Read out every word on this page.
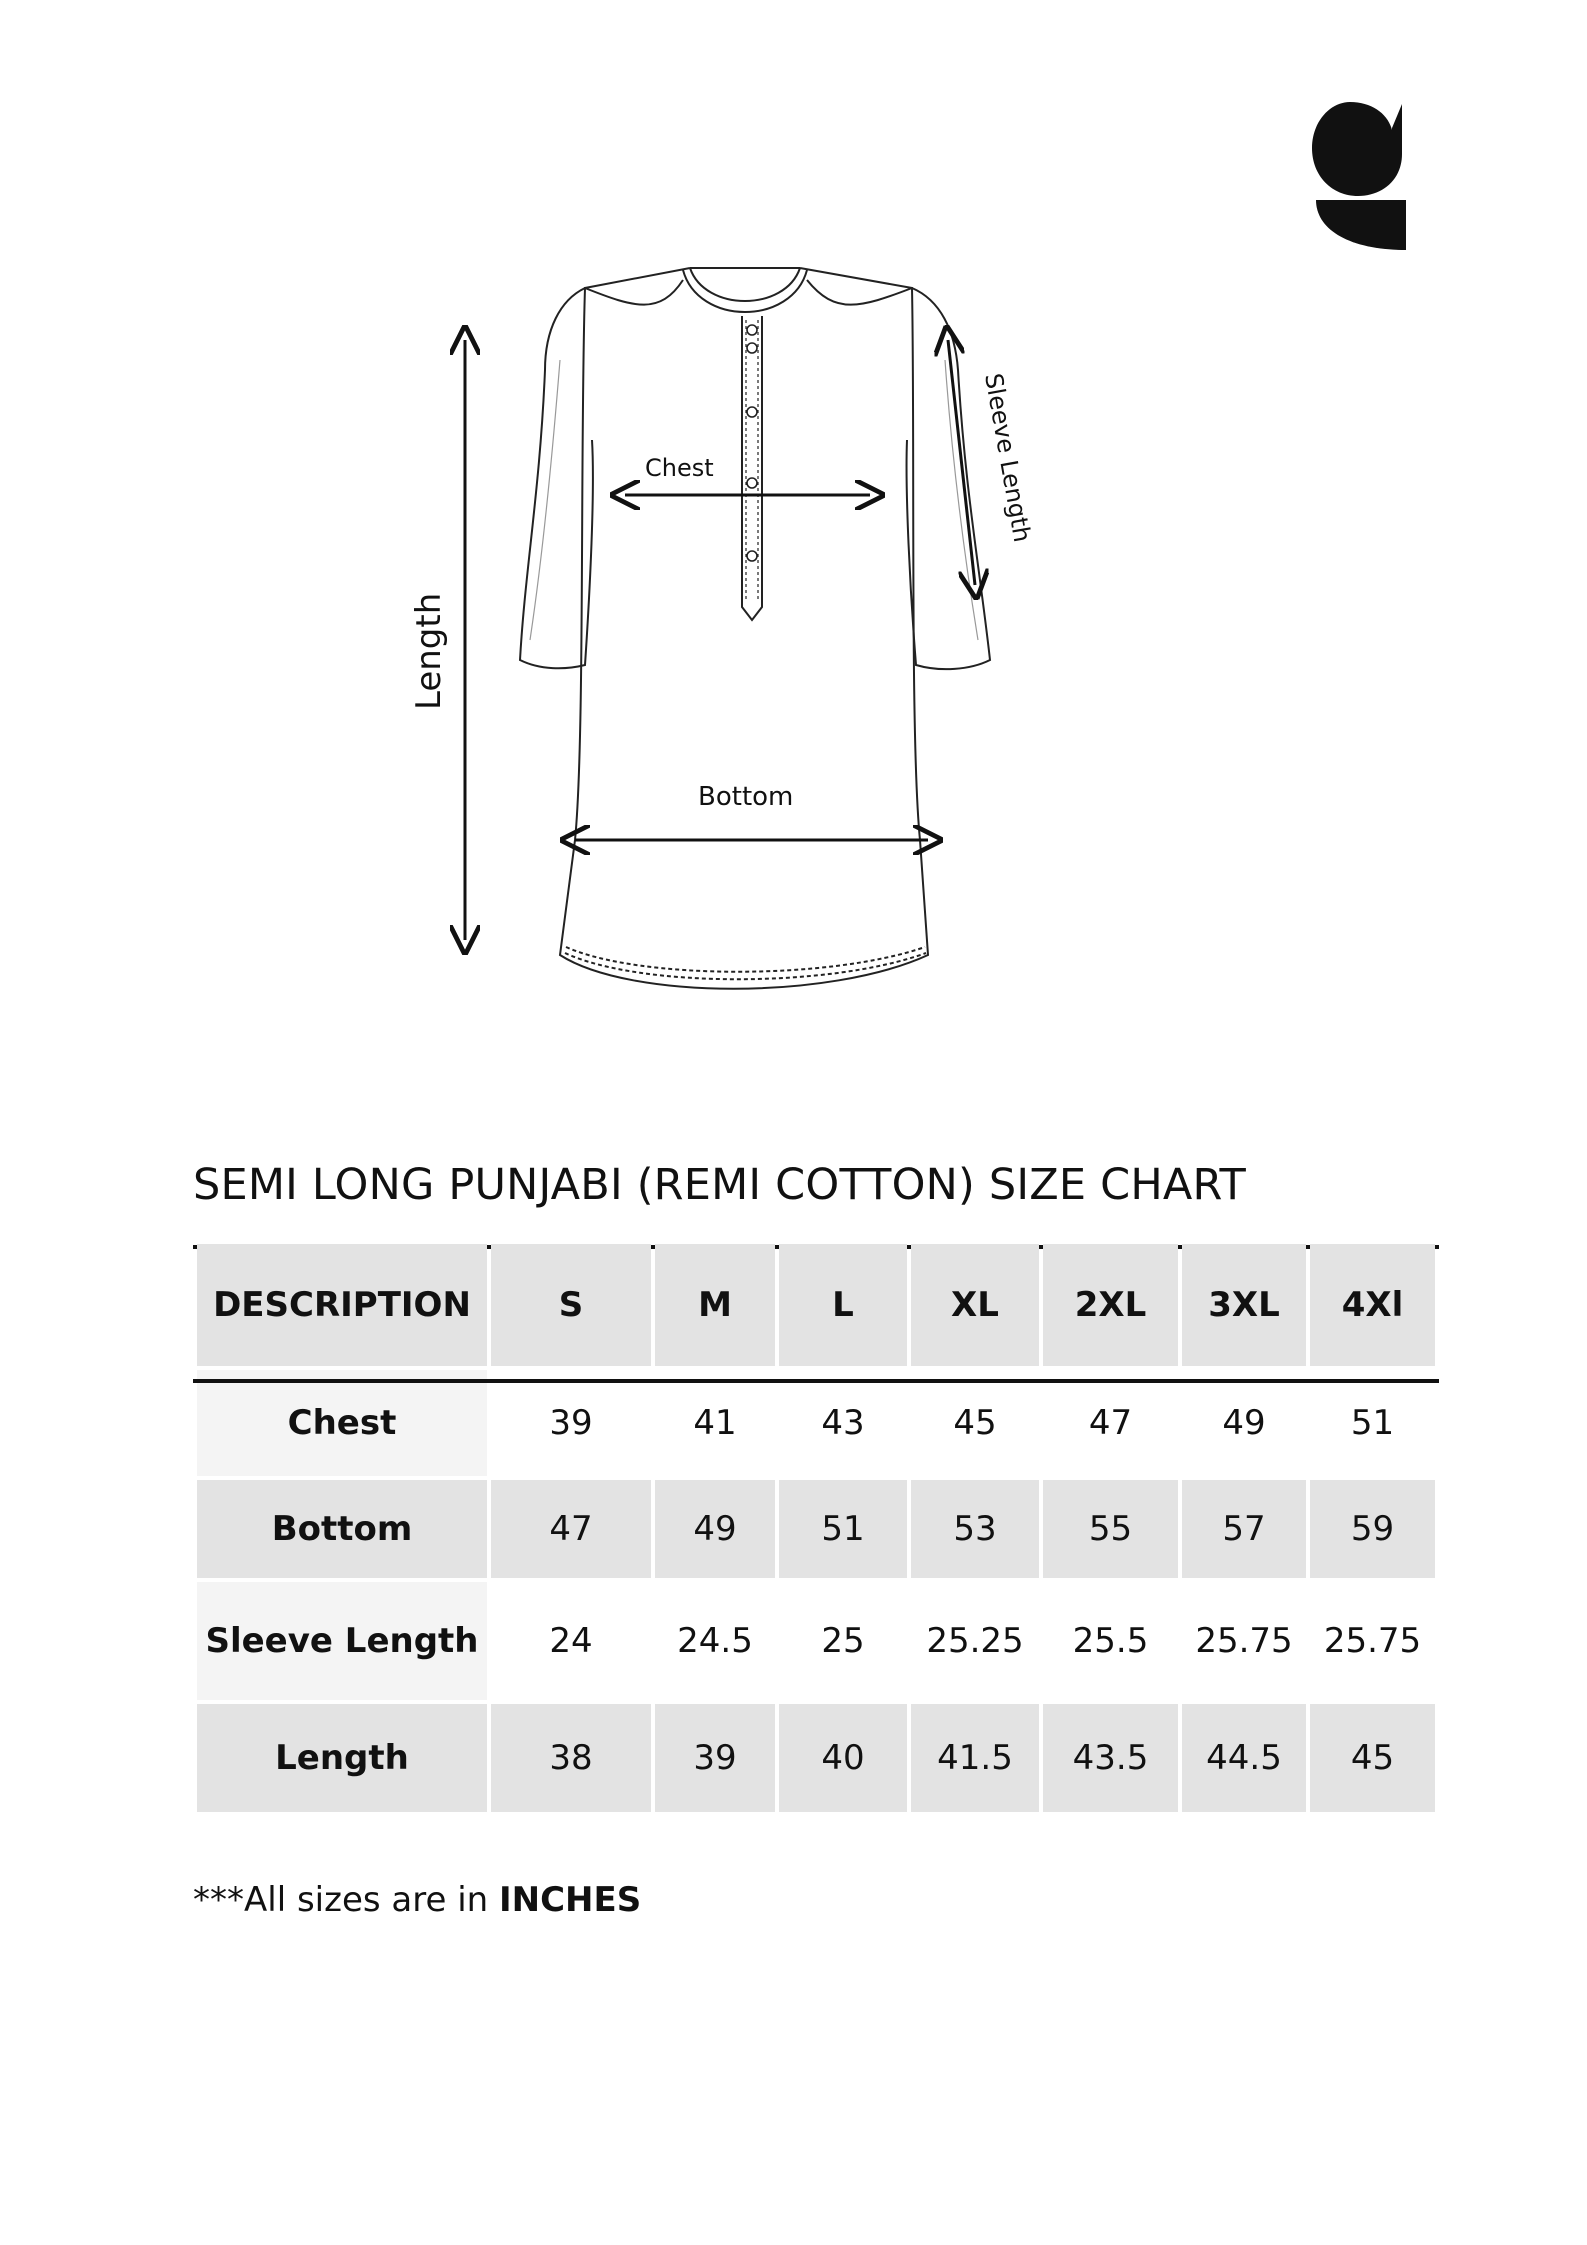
Length
Chest	Sleeve Length
Bottom
SEMI LONG PUNJABI (REMI COTTON) SIZE CHART
DESCRIPTION	S	M	L	XL	2XL	3XL	4Xl
Chest	39	41	43	45	47	49	51
Bottom	47	49	51	53	55	57	59
Sleeve Length	24	24.5	25	25.25	25.5	25.75	25.75
Length	38	39	40	41.5	43.5	44.5	45
***All sizes are in INCHES
